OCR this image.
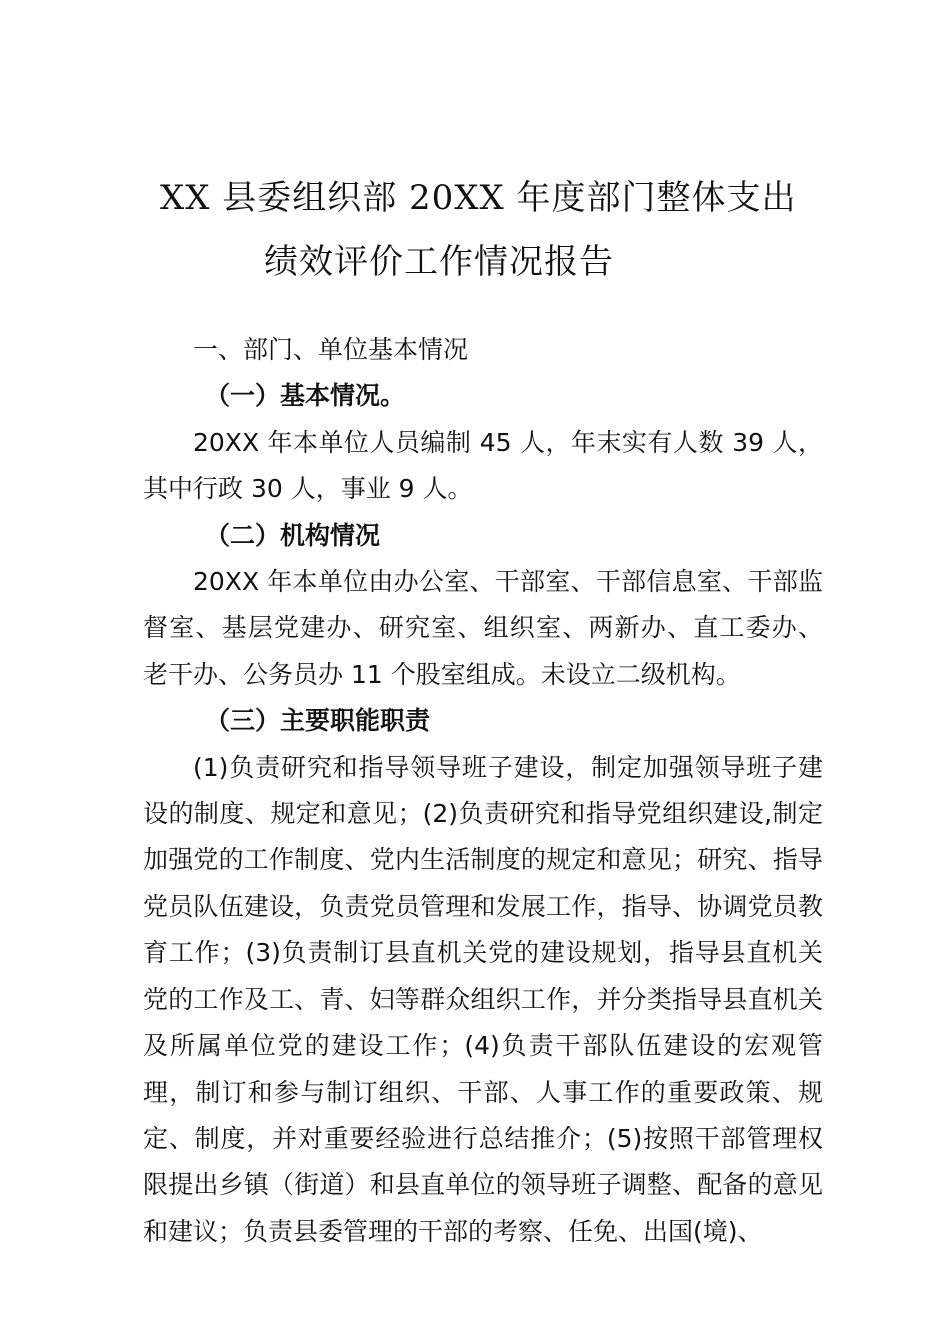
XX 县委组织部 20XX 年度部门整体支出
绩效评价工作情况报告

一、部门、单位基本情况

（一）基本情况。

20XX 年本单位人员编制 45 人，年末实有人数 39 人，其中行政 30 人，事业 9 人。

（二）机构情况

20XX 年本单位由办公室、干部室、干部信息室、干部监督室、基层党建办、研究室、组织室、两新办、直工委办、 老干办、公务员办 11 个股室组成。未设立二级机构。

（三）主要职能职责

(1)负责研究和指导领导班子建设，制定加强领导班子建设的制度、规定和意见；(2)负责研究和指导党组织建设,制定加强党的工作制度、党内生活制度的规定和意见；研究、指导党员队伍建设，负责党员管理和发展工作，指导、协调党员教育工作；(3)负责制订县直机关党的建设规划，指导县直机关党的工作及工、青、妇等群众组织工作，并分类指导县直机关及所属单位党的建设工作；(4)负责干部队伍建设的宏观管理，制订和参与制订组织、干部、人事工作的重要政策、规定、制度，并对重要经验进行总结推介；(5)按照干部管理权限提出乡镇（街道）和县直单位的领导班子调整、配备的意见和建议；负责县委管理的干部的考察、任免、出国(境)、
